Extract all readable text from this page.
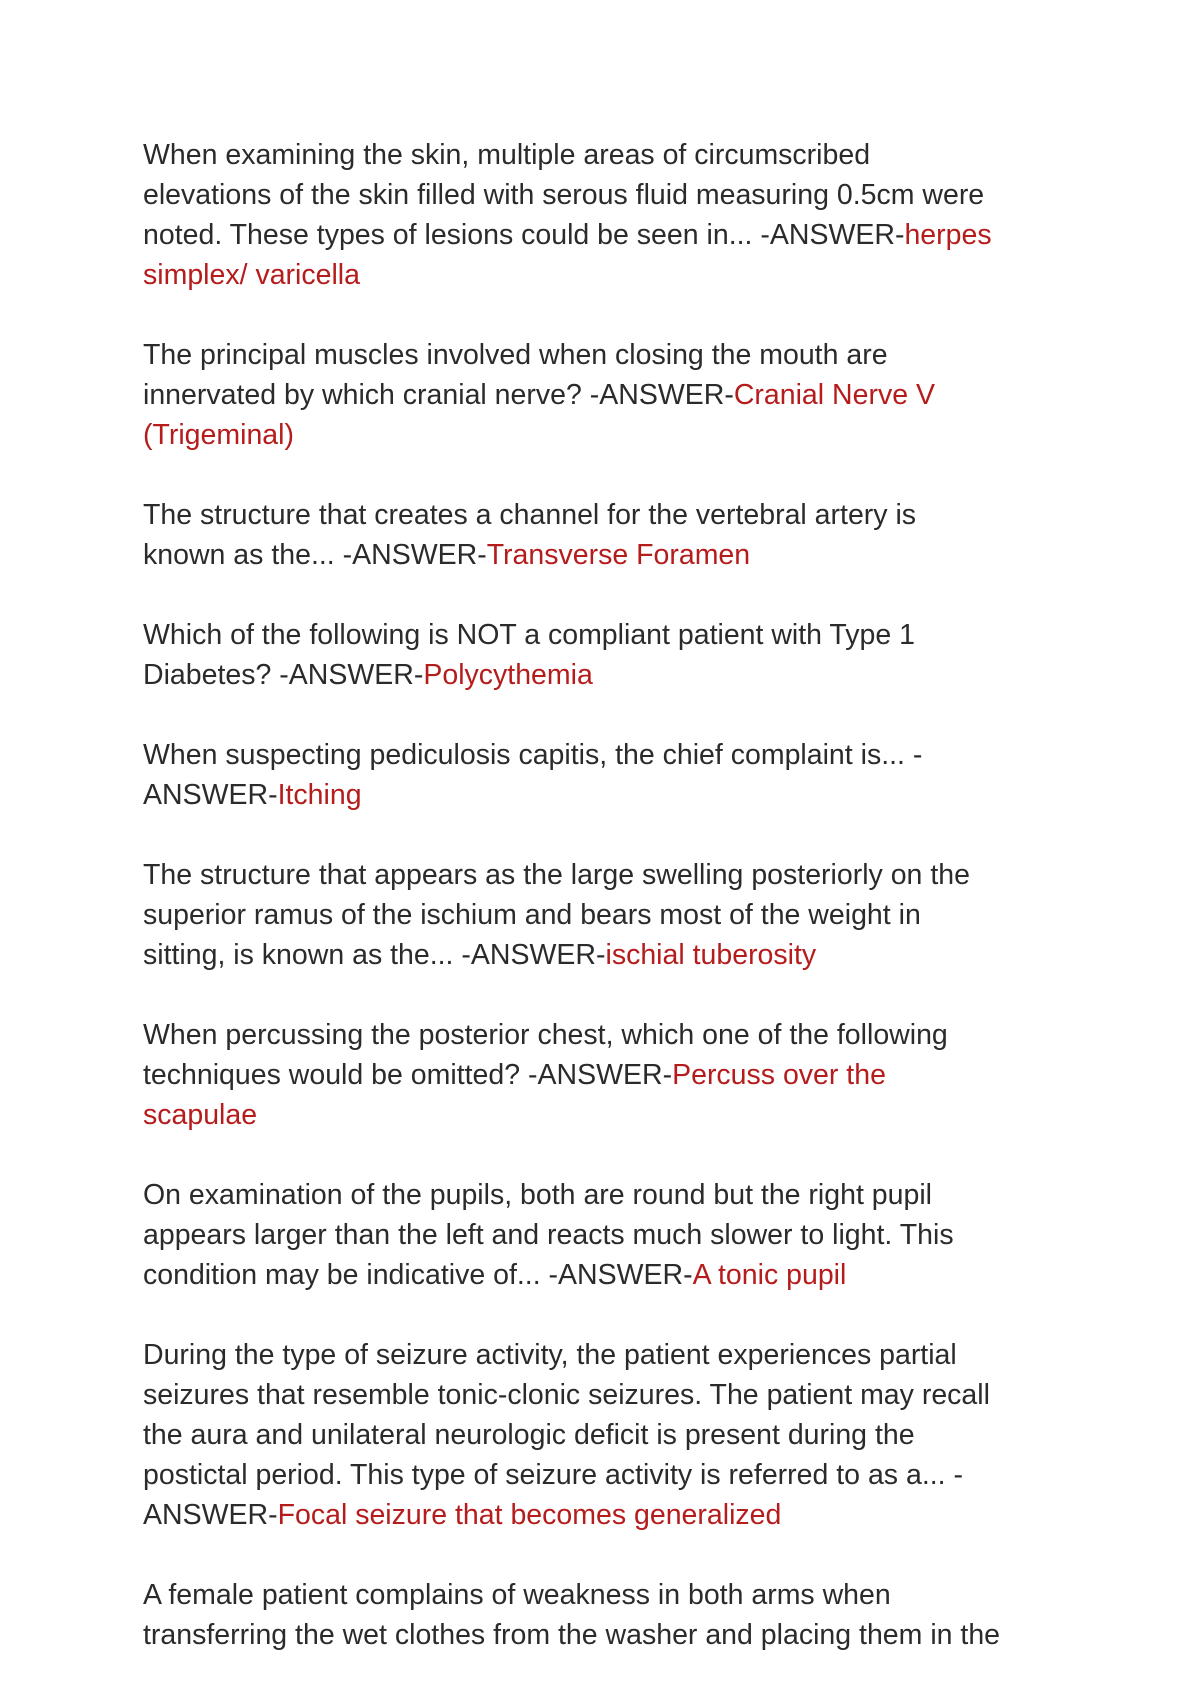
When examining the skin, multiple areas of circumscribed
elevations of the skin filled with serous fluid measuring 0.5cm were
noted. These types of lesions could be seen in... -ANSWER-herpes
simplex/ varicella

The principal muscles involved when closing the mouth are
innervated by which cranial nerve? -ANSWER-Cranial Nerve V
(Trigeminal)

The structure that creates a channel for the vertebral artery is
known as the... -ANSWER-Transverse Foramen

Which of the following is NOT a compliant patient with Type 1
Diabetes? -ANSWER-Polycythemia

When suspecting pediculosis capitis, the chief complaint is... -
ANSWER-Itching

The structure that appears as the large swelling posteriorly on the
superior ramus of the ischium and bears most of the weight in
sitting, is known as the... -ANSWER-ischial tuberosity

When percussing the posterior chest, which one of the following
techniques would be omitted? -ANSWER-Percuss over the
scapulae

On examination of the pupils, both are round but the right pupil
appears larger than the left and reacts much slower to light. This
condition may be indicative of... -ANSWER-A tonic pupil

During the type of seizure activity, the patient experiences partial
seizures that resemble tonic-clonic seizures. The patient may recall
the aura and unilateral neurologic deficit is present during the
postictal period. This type of seizure activity is referred to as a... -
ANSWER-Focal seizure that becomes generalized

A female patient complains of weakness in both arms when
transferring the wet clothes from the washer and placing them in the
